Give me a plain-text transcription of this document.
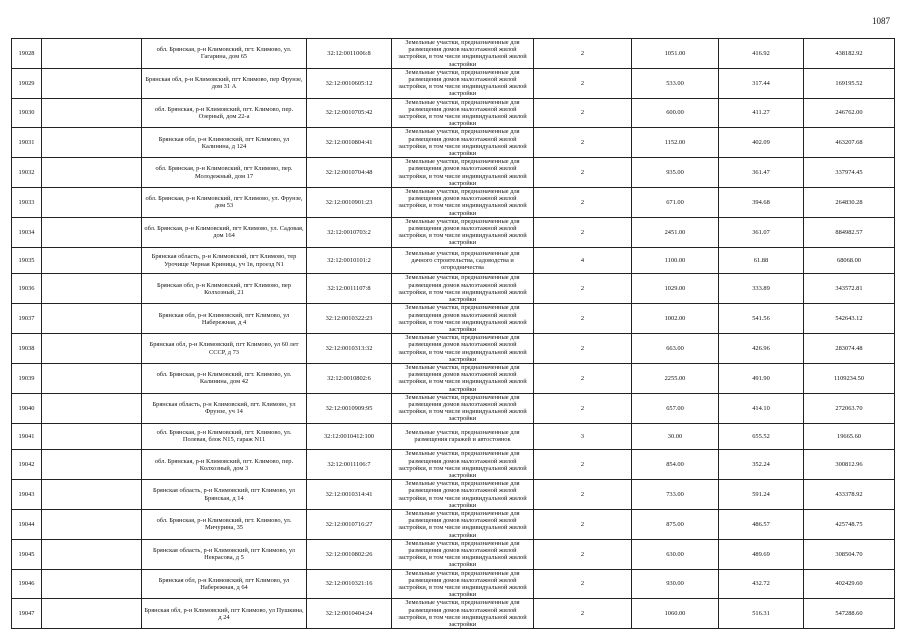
1087
19028		обл. Брянская, р-н Климовский, пгт. Климово, ул. Гагарина, дом 65	32:12:0011006:8	Земельные участки, предназначенные для размещения домов малоэтажной жилой застройки, в том числе индивидуальной жилой застройки	2	1051.00	416.92	438182.92
19029		Брянская обл, р-н Климовский, пгт Климово, пер Фрунзе, дом 31 А	32:12:0010605:12	Земельные участки, предназначенные для размещения домов малоэтажной жилой застройки, в том числе индивидуальной жилой застройки	2	533.00	317.44	169195.52
19030		обл. Брянская, р-н Климовский, пгт. Климово, пер. Озерный, дом 22-а	32:12:0010705:42	Земельные участки, предназначенные для размещения домов малоэтажной жилой застройки, в том числе индивидуальной жилой застройки	2	600.00	411.27	246762.00
19031		Брянская обл, р-н Климовский, пгт Климово, ул Калинина, д 124	32:12:0010804:41	Земельные участки, предназначенные для размещения домов малоэтажной жилой застройки, в том числе индивидуальной жилой застройки	2	1152.00	402.09	463207.68
19032		обл. Брянская, р-н Климовский, пгт Климово, пер. Молодежный, дом 17	32:12:0010704:48	Земельные участки, предназначенные для размещения домов малоэтажной жилой застройки, в том числе индивидуальной жилой застройки	2	935.00	361.47	337974.45
19033		обл. Брянская, р-н Климовский, пгт Климово, ул. Фрунзе, дом 53	32:12:0010901:23	Земельные участки, предназначенные для размещения домов малоэтажной жилой застройки, в том числе индивидуальной жилой застройки	2	671.00	394.68	264830.28
19034		обл. Брянская, р-н Климовский, пгт Климово, ул. Садовая, дом 164	32:12:0010703:2	Земельные участки, предназначенные для размещения домов малоэтажной жилой застройки, в том числе индивидуальной жилой застройки	2	2451.00	361.07	884982.57
19035		Брянская область, р-н Климовский, пгт Климово, тер Урочище Черная Криница, уч 1в, проезд N1	32:12:0010101:2	Земельные участки, предназначенные для дачного строительства, садоводства и огородничества	4	1100.00	61.88	68068.00
19036		Брянская обл, р-н Климовский, пгт Климово, пер Колхозный, 21	32:12:0011107:8	Земельные участки, предназначенные для размещения домов малоэтажной жилой застройки, в том числе индивидуальной жилой застройки	2	1029.00	333.89	343572.81
19037		Брянская обл, р-н Климовский, пгт Климово, ул Набережная, д 4	32:12:0010322:23	Земельные участки, предназначенные для размещения домов малоэтажной жилой застройки, в том числе индивидуальной жилой застройки	2	1002.00	541.56	542643.12
19038		Брянская обл, р-н Климовский, пгт Климово, ул 60 лет СССР, д 73	32:12:0010313:32	Земельные участки, предназначенные для размещения домов малоэтажной жилой застройки, в том числе индивидуальной жилой застройки	2	663.00	426.96	283074.48
19039		обл. Брянская, р-н Климовский, пгт. Климово, ул. Калинина, дом 42	32:12:0010802:6	Земельные участки, предназначенные для размещения домов малоэтажной жилой застройки, в том числе индивидуальной жилой застройки	2	2255.00	491.90	1109234.50
19040		Брянская область, р-н Климовский, пгт. Климово, ул Фрунзе, уч 14	32:12:0010909:95	Земельные участки, предназначенные для размещения домов малоэтажной жилой застройки, в том числе индивидуальной жилой застройки	2	657.00	414.10	272063.70
19041		обл. Брянская, р-н Климовский, пгт. Климово, ул. Полевая, блок N15, гараж N11	32:12:0010412:100	Земельные участки, предназначенные для размещения гаражей и автостоянок	3	30.00	655.52	19665.60
19042		обл. Брянская, р-н Климовский, пгт. Климово, пер. Колхозный, дом 3	32:12:0011106:7	Земельные участки, предназначенные для размещения домов малоэтажной жилой застройки, в том числе индивидуальной жилой застройки	2	854.00	352.24	300812.96
19043		Брянская область, р-н Климовский, пгт Климово, ул Брянская, д 14	32:12:0010314:41	Земельные участки, предназначенные для размещения домов малоэтажной жилой застройки, в том числе индивидуальной жилой застройки	2	733.00	591.24	433378.92
19044		обл. Брянская, р-н Климовский, пгт. Климово, ул. Мичурина, 35	32:12:0010716:27	Земельные участки, предназначенные для размещения домов малоэтажной жилой застройки, в том числе индивидуальной жилой застройки	2	875.00	486.57	425748.75
19045		Брянская область, р-н Климовский, пгт Климово, ул Некрасова, д 5	32:12:0010802:26	Земельные участки, предназначенные для размещения домов малоэтажной жилой застройки, в том числе индивидуальной жилой застройки	2	630.00	489.69	308504.70
19046		Брянская обл, р-н Климовский, пгт Климово, ул Набережная, д 64	32:12:0010321:16	Земельные участки, предназначенные для размещения домов малоэтажной жилой застройки, в том числе индивидуальной жилой застройки	2	930.00	432.72	402429.60
19047		Брянская обл, р-н Климовский, пгт Климово, ул Пушкина, д 24	32:12:0010404:24	Земельные участки, предназначенные для размещения домов малоэтажной жилой застройки, в том числе индивидуальной жилой застройки	2	1060.00	516.31	547288.60
